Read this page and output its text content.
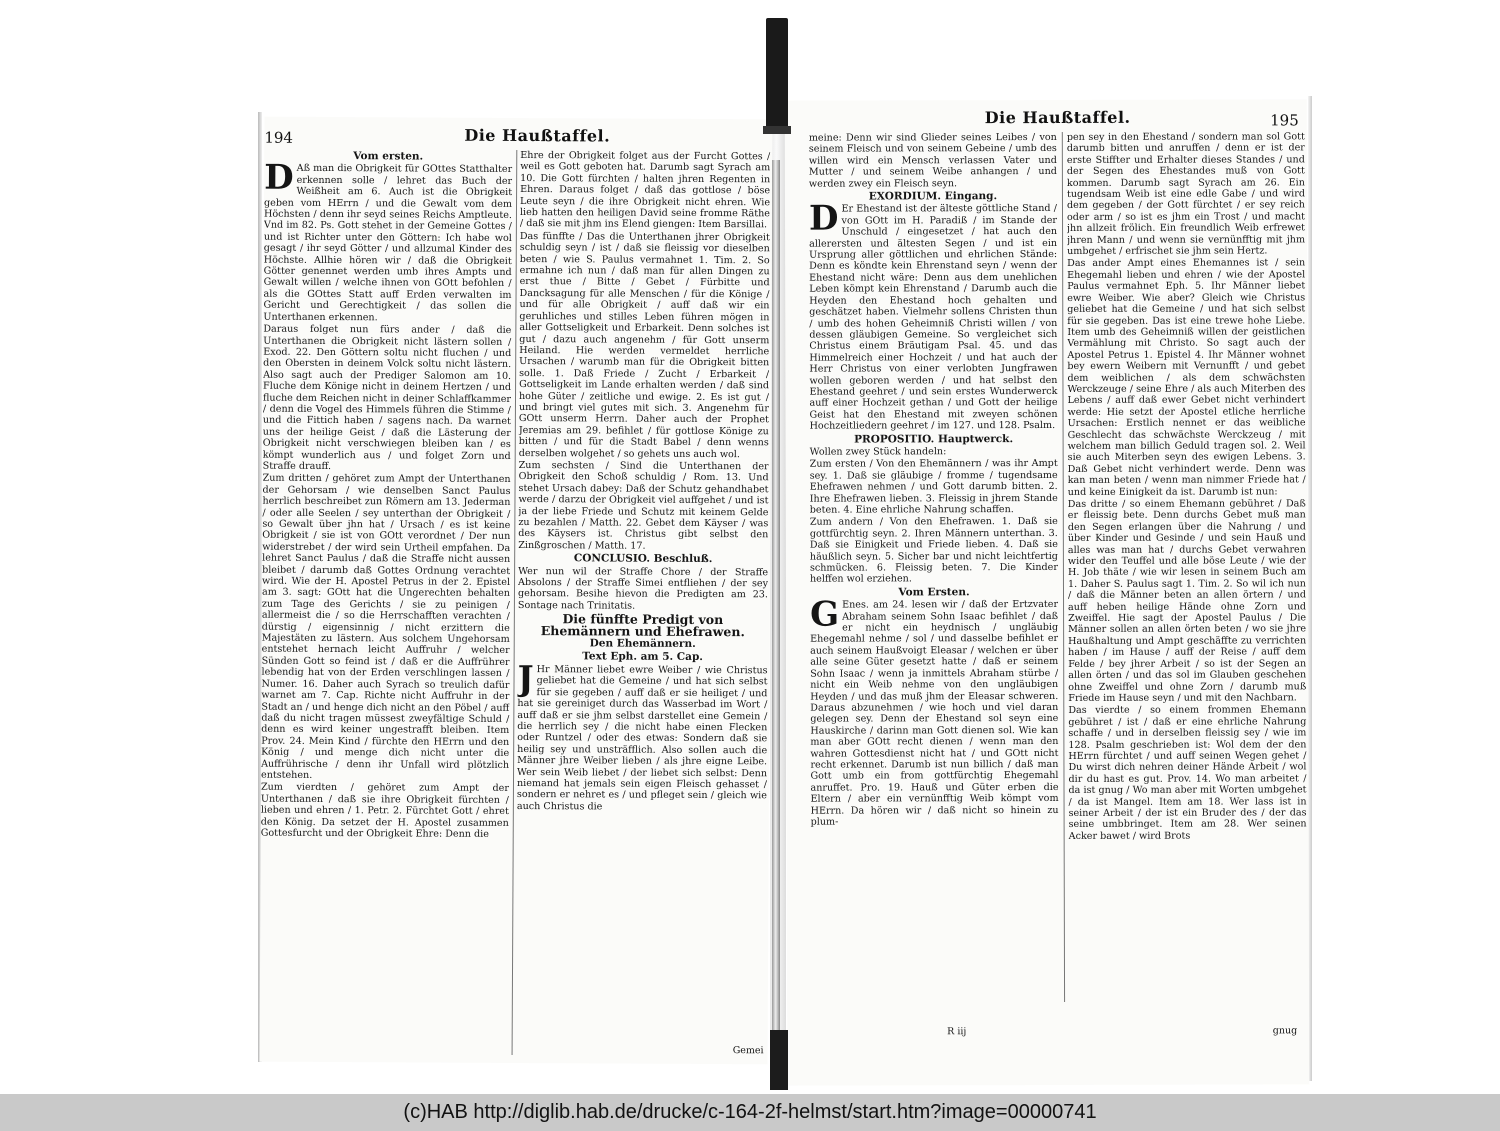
194	Die Haußtaffel.
Vom ersten.
D Aß man die Obrigkeit für GOttes Statthalter erkennen solle / lehret das Buch der Weißheit am 6. Auch ist die Obrigkeit geben vom HErrn / und die Gewalt vom dem Höchsten / denn ihr seyd seines Reichs Amptleute. Vnd im 82. Ps. Gott stehet in der Gemeine Gottes / und ist Richter unter den Göttern: Ich habe wol gesagt / ihr seyd Götter / und allzumal Kinder des Höchste. Allhie hören wir / daß die Obrigkeit Götter genennet werden umb ihres Ampts und Gewalt willen / welche ihnen von GOtt befohlen / als die GOttes Statt auff Erden verwalten im Gericht und Gerechtigkeit / das sollen die Unterthanen erkennen.
Daraus folget nun fürs ander / daß die Unterthanen die Obrigkeit nicht lästern sollen / Exod. 22. Den Göttern soltu nicht fluchen / und den Obersten in deinem Volck soltu nicht lästern. Also sagt auch der Prediger Salomon am 10. Fluche dem Könige nicht in deinem Hertzen / und fluche dem Reichen nicht in deiner Schlaffkammer / denn die Vogel des Himmels führen die Stimme / und die Fittich haben / sagens nach. Da warnet uns der heilige Geist / daß die Lästerung der Obrigkeit nicht verschwiegen bleiben kan / es kömpt wunderlich aus / und folget Zorn und Straffe drauff.
Zum dritten / gehöret zum Ampt der Unterthanen der Gehorsam / wie denselben Sanct Paulus herrlich beschreibet zun Römern am 13. Jederman / oder alle Seelen / sey unterthan der Obrigkeit / so Gewalt über jhn hat / Ursach / es ist keine Obrigkeit / sie ist von GOtt verordnet / Der nun widerstrebet / der wird sein Urtheil empfahen. Da lehret Sanct Paulus / daß die Straffe nicht aussen bleibet / darumb daß Gottes Ordnung verachtet wird. Wie der H. Apostel Petrus in der 2. Epistel am 3. sagt: GOtt hat die Ungerechten behalten zum Tage des Gerichts / sie zu peinigen / allermeist die / so die Herrschafften verachten / dürstig / eigensinnig / nicht erzittern die Majestäten zu lästern. Aus solchem Ungehorsam entstehet hernach leicht Auffruhr / welcher Sünden Gott so feind ist / daß er die Auffrührer lebendig hat von der Erden verschlingen lassen / Numer. 16. Daher auch Syrach so treulich dafür warnet am 7. Cap. Richte nicht Auffruhr in der Stadt an / und henge dich nicht an den Pöbel / auff daß du nicht tragen müssest zweyfältige Schuld / denn es wird keiner ungestrafft bleiben. Item Prov. 24. Mein Kind / fürchte den HErrn und den König / und menge dich nicht unter die Auffrührische / denn ihr Unfall wird plötzlich entstehen.
Zum vierdten / gehöret zum Ampt der Unterthanen / daß sie ihre Obrigkeit fürchten / lieben und ehren / 1. Petr. 2. Fürchtet Gott / ehret den König. Da setzet der H. Apostel zusammen Gottesfurcht und der Obrigkeit Ehre: Denn die
Ehre der Obrigkeit folget aus der Furcht Gottes / weil es Gott geboten hat. Darumb sagt Syrach am 10. Die Gott fürchten / halten jhren Regenten in Ehren. Daraus folget / daß das gottlose / böse Leute seyn / die ihre Obrigkeit nicht ehren. Wie lieb hatten den heiligen David seine fromme Räthe / daß sie mit jhm ins Elend giengen: Item Barsillai.
Das fünffte / Das die Unterthanen jhrer Obrigkeit schuldig seyn / ist / daß sie fleissig vor dieselben beten / wie S. Paulus vermahnet 1. Tim. 2. So ermahne ich nun / daß man für allen Dingen zu erst thue / Bitte / Gebet / Fürbitte und Dancksagung für alle Menschen / für die Könige / und für alle Obrigkeit / auff daß wir ein geruhliches und stilles Leben führen mögen in aller Gottseligkeit und Erbarkeit. Denn solches ist gut / dazu auch angenehm / für Gott unserm Heiland. Hie werden vermeldet herrliche Ursachen / warumb man für die Obrigkeit bitten solle. 1. Daß Friede / Zucht / Erbarkeit / Gottseligkeit im Lande erhalten werden / daß sind hohe Güter / zeitliche und ewige. 2. Es ist gut / und bringt viel gutes mit sich. 3. Angenehm für GOtt unserm Herrn. Daher auch der Prophet Jeremias am 29. befihlet / für gottlose Könige zu bitten / und für die Stadt Babel / denn wenns derselben wolgehet / so gehets uns auch wol.
Zum sechsten / Sind die Unterthanen der Obrigkeit den Schoß schuldig / Rom. 13. Und stehet Ursach dabey: Daß der Schutz gehandhabet werde / darzu der Obrigkeit viel auffgehet / und ist ja der liebe Friede und Schutz mit keinem Gelde zu bezahlen / Matth. 22. Gebet dem Käyser / was des Käysers ist. Christus gibt selbst den Zinßgroschen / Matth. 17.
CONCLUSIO. Beschluß.
Wer nun wil der Straffe Chore / der Straffe Absolons / der Straffe Simei entfliehen / der sey gehorsam. Besihe hievon die Predigten am 23. Sontage nach Trinitatis.
Die fünffte Predigt von Ehemännern und Ehefrawen.
Den Ehemännern.
Text Eph. am 5. Cap.
J Hr Männer liebet ewre Weiber / wie Christus geliebet hat die Gemeine / und hat sich selbst für sie gegeben / auff daß er sie heiliget / und hat sie gereiniget durch das Wasserbad im Wort / auff daß er sie jhm selbst darstellet eine Gemein / die herrlich sey / die nicht habe einen Flecken oder Runtzel / oder des etwas: Sondern daß sie heilig sey und unsträfflich. Also sollen auch die Männer jhre Weiber lieben / als jhre eigne Leibe. Wer sein Weib liebet / der liebet sich selbst: Denn niemand hat jemals sein eigen Fleisch gehasset / sondern er nehret es / und pfleget sein / gleich wie auch Christus die
Gemei
Die Haußtaffel.	195
meine: Denn wir sind Glieder seines Leibes / von seinem Fleisch und von seinem Gebeine / umb des willen wird ein Mensch verlassen Vater und Mutter / und seinem Weibe anhangen / und werden zwey ein Fleisch seyn.
EXORDIUM. Eingang.
D Er Ehestand ist der älteste göttliche Stand / von GOtt im H. Paradiß / im Stande der Unschuld / eingesetzet / hat auch den allerersten und ältesten Segen / und ist ein Ursprung aller göttlichen und ehrlichen Stände: Denn es köndte kein Ehrenstand seyn / wenn der Ehestand nicht wäre: Denn aus dem unehlichen Leben kömpt kein Ehrenstand / Darumb auch die Heyden den Ehestand hoch gehalten und geschätzet haben. Vielmehr sollens Christen thun / umb des hohen Geheimniß Christi willen / von dessen gläubigen Gemeine. So vergleichet sich Christus einem Bräutigam Psal. 45. und das Himmelreich einer Hochzeit / und hat auch der Herr Christus von einer verlobten Jungfrawen wollen geboren werden / und hat selbst den Ehestand geehret / und sein erstes Wunderwerck auff einer Hochzeit gethan / und Gott der heilige Geist hat den Ehestand mit zweyen schönen Hochzeitliedern geehret / im 127. und 128. Psalm.
PROPOSITIO. Hauptwerck.
Wollen zwey Stück handeln:
Zum ersten / Von den Ehemännern / was ihr Ampt sey. 1. Daß sie gläubige / fromme / tugendsame Ehefrawen nehmen / und Gott darumb bitten. 2. Ihre Ehefrawen lieben. 3. Fleissig in jhrem Stande beten. 4. Eine ehrliche Nahrung schaffen.
Zum andern / Von den Ehefrawen. 1. Daß sie gottfürchtig seyn. 2. Ihren Männern unterthan. 3. Daß sie Einigkeit und Friede lieben. 4. Daß sie häußlich seyn. 5. Sicher bar und nicht leichtfertig schmücken. 6. Fleissig beten. 7. Die Kinder helffen wol erziehen.
Vom Ersten.
G Enes. am 24. lesen wir / daß der Ertzvater Abraham seinem Sohn Isaac befihlet / daß er nicht ein heydnisch / ungläubig Ehegemahl nehme / sol / und dasselbe befihlet er auch seinem Haußvoigt Eleasar / welchen er über alle seine Güter gesetzt hatte / daß er seinem Sohn Isaac / wenn ja inmittels Abraham stürbe / nicht ein Weib nehme von den ungläubigen Heyden / und das muß jhm der Eleasar schweren. Daraus abzunehmen / wie hoch und viel daran gelegen sey. Denn der Ehestand sol seyn eine Hauskirche / darinn man Gott dienen sol. Wie kan man aber GOtt recht dienen / wenn man den wahren Gottesdienst nicht hat / und GOtt nicht recht erkennet. Darumb ist nun billich / daß man Gott umb ein from gottfürchtig Ehegemahl anruffet. Pro. 19. Hauß und Güter erben die Eltern / aber ein vernünfftig Weib kömpt vom HErrn. Da hören wir / daß nicht so hinein zu plum-
pen sey in den Ehestand / sondern man sol Gott darumb bitten und anruffen / denn er ist der erste Stiffter und Erhalter dieses Standes / und der Segen des Ehestandes muß von Gott kommen. Darumb sagt Syrach am 26. Ein tugendsam Weib ist eine edle Gabe / und wird dem gegeben / der Gott fürchtet / er sey reich oder arm / so ist es jhm ein Trost / und macht jhn allzeit frölich. Ein freundlich Weib erfrewet jhren Mann / und wenn sie vernünfftig mit jhm umbgehet / erfrischet sie jhm sein Hertz.
Das ander Ampt eines Ehemannes ist / sein Ehegemahl lieben und ehren / wie der Apostel Paulus vermahnet Eph. 5. Ihr Männer liebet ewre Weiber. Wie aber? Gleich wie Christus geliebet hat die Gemeine / und hat sich selbst für sie gegeben. Das ist eine trewe hohe Liebe. Item umb des Geheimniß willen der geistlichen Vermählung mit Christo. So sagt auch der Apostel Petrus 1. Epistel 4. Ihr Männer wohnet bey ewern Weibern mit Vernunfft / und gebet dem weiblichen / als dem schwächsten Werckzeuge / seine Ehre / als auch Miterben des Lebens / auff daß ewer Gebet nicht verhindert werde: Hie setzt der Apostel etliche herrliche Ursachen: Erstlich nennet er das weibliche Geschlecht das schwächste Werckzeug / mit welchem man billich Geduld tragen sol. 2. Weil sie auch Miterben seyn des ewigen Lebens. 3. Daß Gebet nicht verhindert werde. Denn was kan man beten / wenn man nimmer Friede hat / und keine Einigkeit da ist. Darumb ist nun:
Das dritte / so einem Ehemann gebühret / Daß er fleissig bete. Denn durchs Gebet muß man den Segen erlangen über die Nahrung / und über Kinder und Gesinde / und sein Hauß und alles was man hat / durchs Gebet verwahren wider den Teuffel und alle böse Leute / wie der H. Job thäte / wie wir lesen in seinem Buch am 1. Daher S. Paulus sagt 1. Tim. 2. So wil ich nun / daß die Männer beten an allen örtern / und auff heben heilige Hände ohne Zorn und Zweiffel. Hie sagt der Apostel Paulus / Die Männer sollen an allen örten beten / wo sie jhre Haußhaltung und Ampt geschäffte zu verrichten haben / im Hause / auff der Reise / auff dem Felde / bey jhrer Arbeit / so ist der Segen an allen örten / und das sol im Glauben geschehen ohne Zweiffel und ohne Zorn / darumb muß Friede im Hause seyn / und mit den Nachbarn.
Das vierdte / so einem frommen Ehemann gebühret / ist / daß er eine ehrliche Nahrung schaffe / und in derselben fleissig sey / wie im 128. Psalm geschrieben ist: Wol dem der den HErrn fürchtet / und auff seinen Wegen gehet / Du wirst dich nehren deiner Hände Arbeit / wol dir du hast es gut. Prov. 14. Wo man arbeitet / da ist gnug / Wo man aber mit Worten umbgehet / da ist Mangel. Item am 18. Wer lass ist in seiner Arbeit / der ist ein Bruder des / der das seine umbbringet. Item am 28. Wer seinen Acker bawet / wird Brots
R iij	gnug
(c)HAB http://diglib.hab.de/drucke/c-164-2f-helmst/start.htm?image=00000741
